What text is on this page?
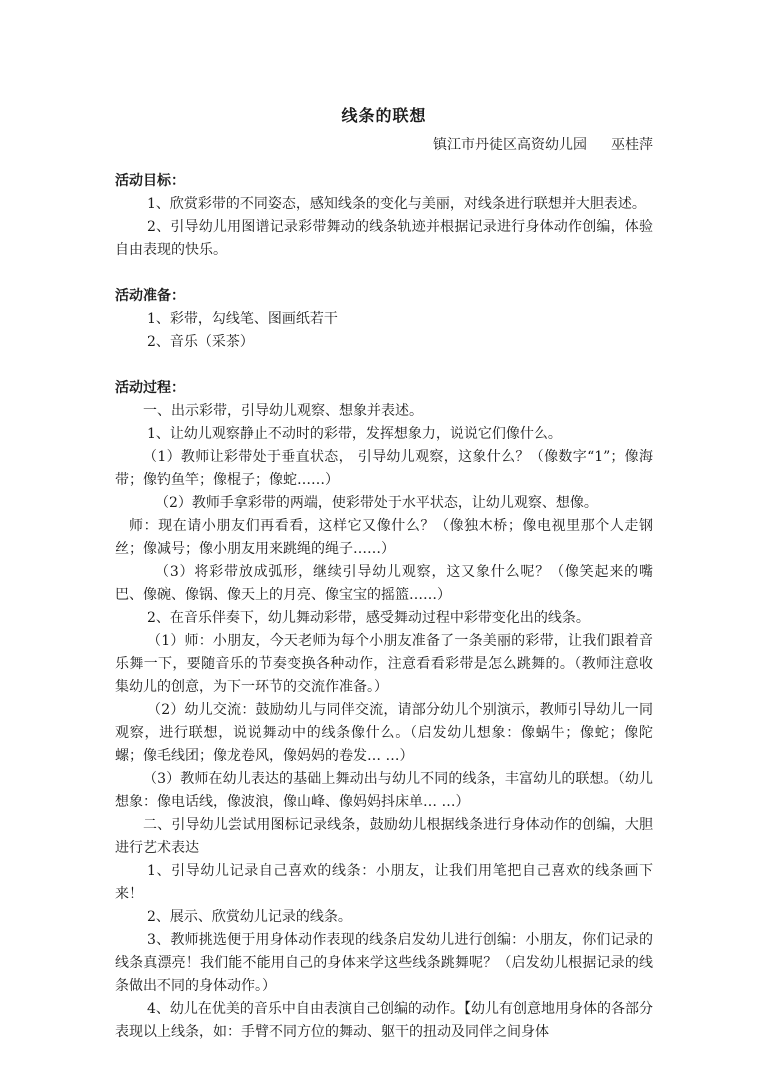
线条的联想
镇江市丹徒区高资幼儿园 巫桂萍

活动目标：

1、欣赏彩带的不同姿态，感知线条的变化与美丽，对线条进行联想并大胆表述。

2、引导幼儿用图谱记录彩带舞动的线条轨迹并根据记录进行身体动作创编，体验自由表现的快乐。

活动准备：

1、彩带，勾线笔、图画纸若干

2、音乐（采茶）

活动过程：

一、出示彩带，引导幼儿观察、想象并表述。

1、让幼儿观察静止不动时的彩带，发挥想象力，说说它们像什么。

（1）教师让彩带处于垂直状态， 引导幼儿观察，这象什么？（像数字“1”；像海带；像钓鱼竿；像棍子；像蛇……）

（2）教师手拿彩带的两端，使彩带处于水平状态，让幼儿观察、想像。

师：现在请小朋友们再看看，这样它又像什么？（像独木桥；像电视里那个人走钢丝；像减号；像小朋友用来跳绳的绳子……）

（3）将彩带放成弧形，继续引导幼儿观察，这又象什么呢？（像笑起来的嘴巴、像碗、像锅、像天上的月亮、像宝宝的摇篮……）

2、在音乐伴奏下，幼儿舞动彩带，感受舞动过程中彩带变化出的线条。

（1）师：小朋友，今天老师为每个小朋友准备了一条美丽的彩带，让我们跟着音乐舞一下，要随音乐的节奏变换各种动作，注意看看彩带是怎么跳舞的。（教师注意收集幼儿的创意，为下一环节的交流作准备。）

（2）幼儿交流：鼓励幼儿与同伴交流，请部分幼儿个别演示，教师引导幼儿一同观察，进行联想，说说舞动中的线条像什么。（启发幼儿想象：像蜗牛；像蛇；像陀螺；像毛线团；像龙卷风，像妈妈的卷发… …）

（3）教师在幼儿表达的基础上舞动出与幼儿不同的线条，丰富幼儿的联想。（幼儿想象：像电话线，像波浪，像山峰、像妈妈抖床单… …）

二、引导幼儿尝试用图标记录线条，鼓励幼儿根据线条进行身体动作的创编，大胆进行艺术表达

1、引导幼儿记录自己喜欢的线条：小朋友，让我们用笔把自己喜欢的线条画下来！

2、展示、欣赏幼儿记录的线条。

3、教师挑选便于用身体动作表现的线条启发幼儿进行创编：小朋友，你们记录的线条真漂亮！我们能不能用自己的身体来学这些线条跳舞呢？（启发幼儿根据记录的线条做出不同的身体动作。）

4、幼儿在优美的音乐中自由表演自己创编的动作。【幼儿有创意地用身体的各部分表现以上线条，如：手臂不同方位的舞动、躯干的扭动及同伴之间身体
